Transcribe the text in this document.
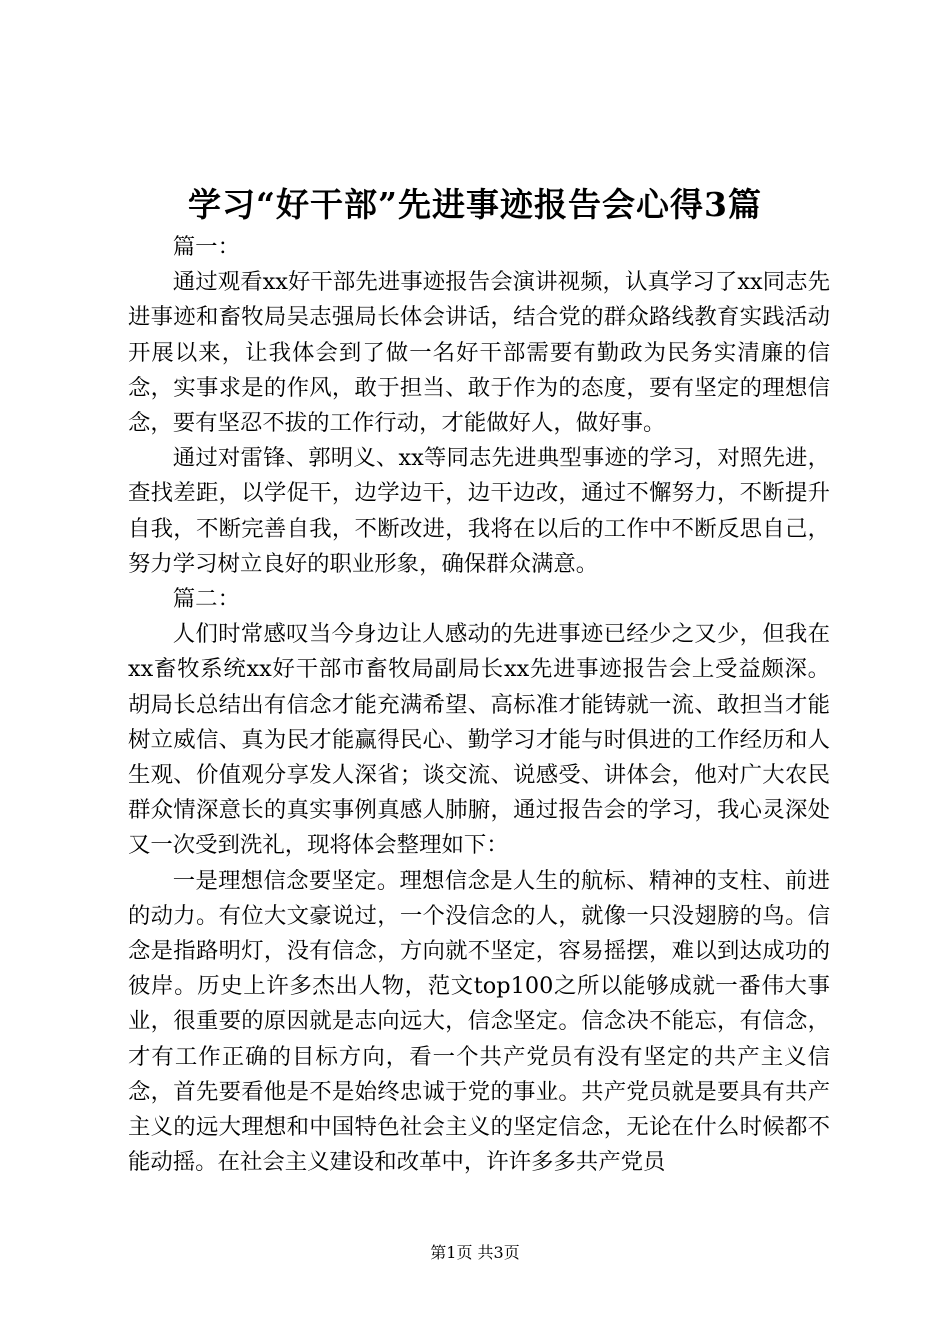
学习“好干部”先进事迹报告会心得3篇

篇一：

通过观看xx好干部先进事迹报告会演讲视频，认真学习了xx同志先进事迹和畜牧局吴志强局长体会讲话，结合党的群众路线教育实践活动开展以来，让我体会到了做一名好干部需要有勤政为民务实清廉的信念，实事求是的作风，敢于担当、敢于作为的态度，要有坚定的理想信念，要有坚忍不拔的工作行动，才能做好人，做好事。

通过对雷锋、郭明义、xx等同志先进典型事迹的学习，对照先进，查找差距，以学促干，边学边干，边干边改，通过不懈努力，不断提升自我，不断完善自我，不断改进，我将在以后的工作中不断反思自己，努力学习树立良好的职业形象，确保群众满意。

篇二：

人们时常感叹当今身边让人感动的先进事迹已经少之又少，但我在xx畜牧系统xx好干部市畜牧局副局长xx先进事迹报告会上受益颇深。胡局长总结出有信念才能充满希望、高标准才能铸就一流、敢担当才能树立威信、真为民才能赢得民心、勤学习才能与时俱进的工作经历和人生观、价值观分享发人深省；谈交流、说感受、讲体会，他对广大农民群众情深意长的真实事例真感人肺腑，通过报告会的学习，我心灵深处又一次受到洗礼，现将体会整理如下：

一是理想信念要坚定。理想信念是人生的航标、精神的支柱、前进的动力。有位大文豪说过，一个没信念的人，就像一只没翅膀的鸟。信念是指路明灯，没有信念，方向就不坚定，容易摇摆，难以到达成功的彼岸。历史上许多杰出人物，范文top100之所以能够成就一番伟大事业，很重要的原因就是志向远大，信念坚定。信念决不能忘，有信念，才有工作正确的目标方向，看一个共产党员有没有坚定的共产主义信念，首先要看他是不是始终忠诚于党的事业。共产党员就是要具有共产主义的远大理想和中国特色社会主义的坚定信念，无论在什么时候都不能动摇。在社会主义建设和改革中，许许多多共产党员

第1页 共3页
